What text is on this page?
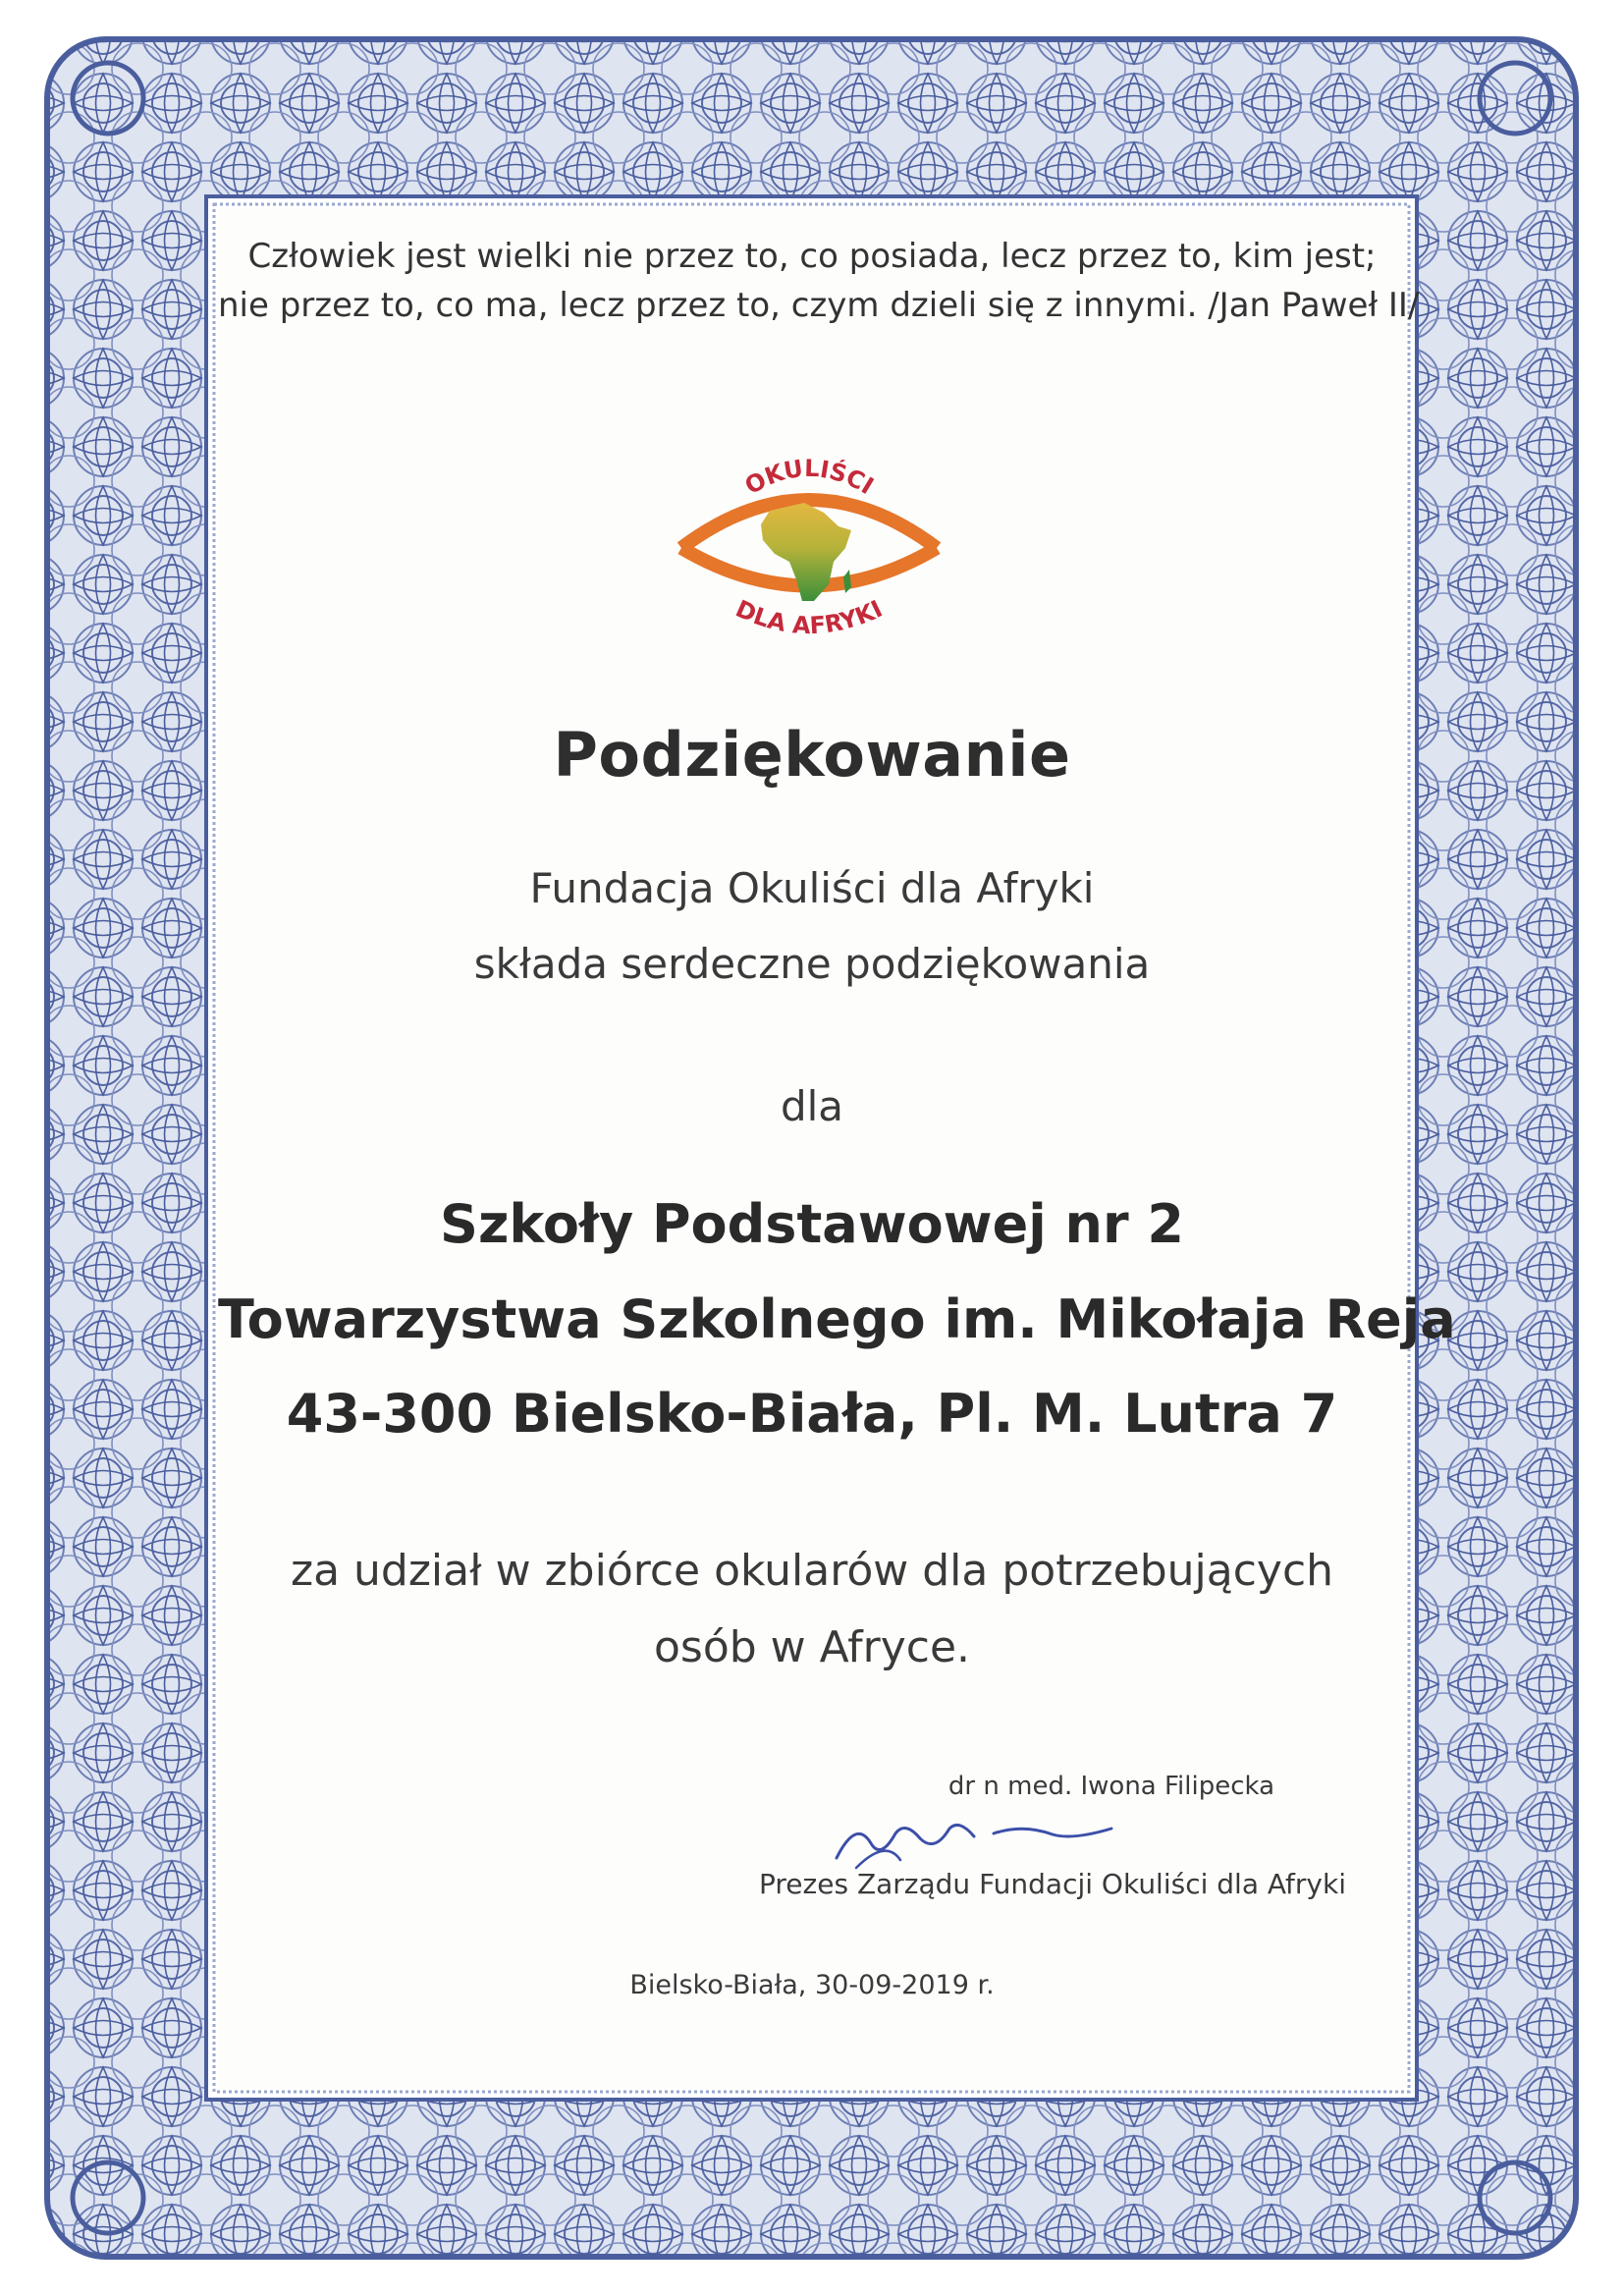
Człowiek jest wielki nie przez to, co posiada, lecz przez to, kim jest;
nie przez to, co ma, lecz przez to, czym dzieli się z innymi. /Jan Paweł II/
OKULIŚCI
DLA AFRYKI
Podziękowanie
Fundacja Okuliści dla Afryki
składa serdeczne podziękowania
dla
Szkoły Podstawowej nr 2
Towarzystwa Szkolnego im. Mikołaja Reja
43-300 Bielsko-Biała, Pl. M. Lutra 7
za udział w zbiórce okularów dla potrzebujących
osób w Afryce.
dr n med. Iwona Filipecka
Prezes Zarządu Fundacji Okuliści dla Afryki
Bielsko-Biała, 30-09-2019 r.
